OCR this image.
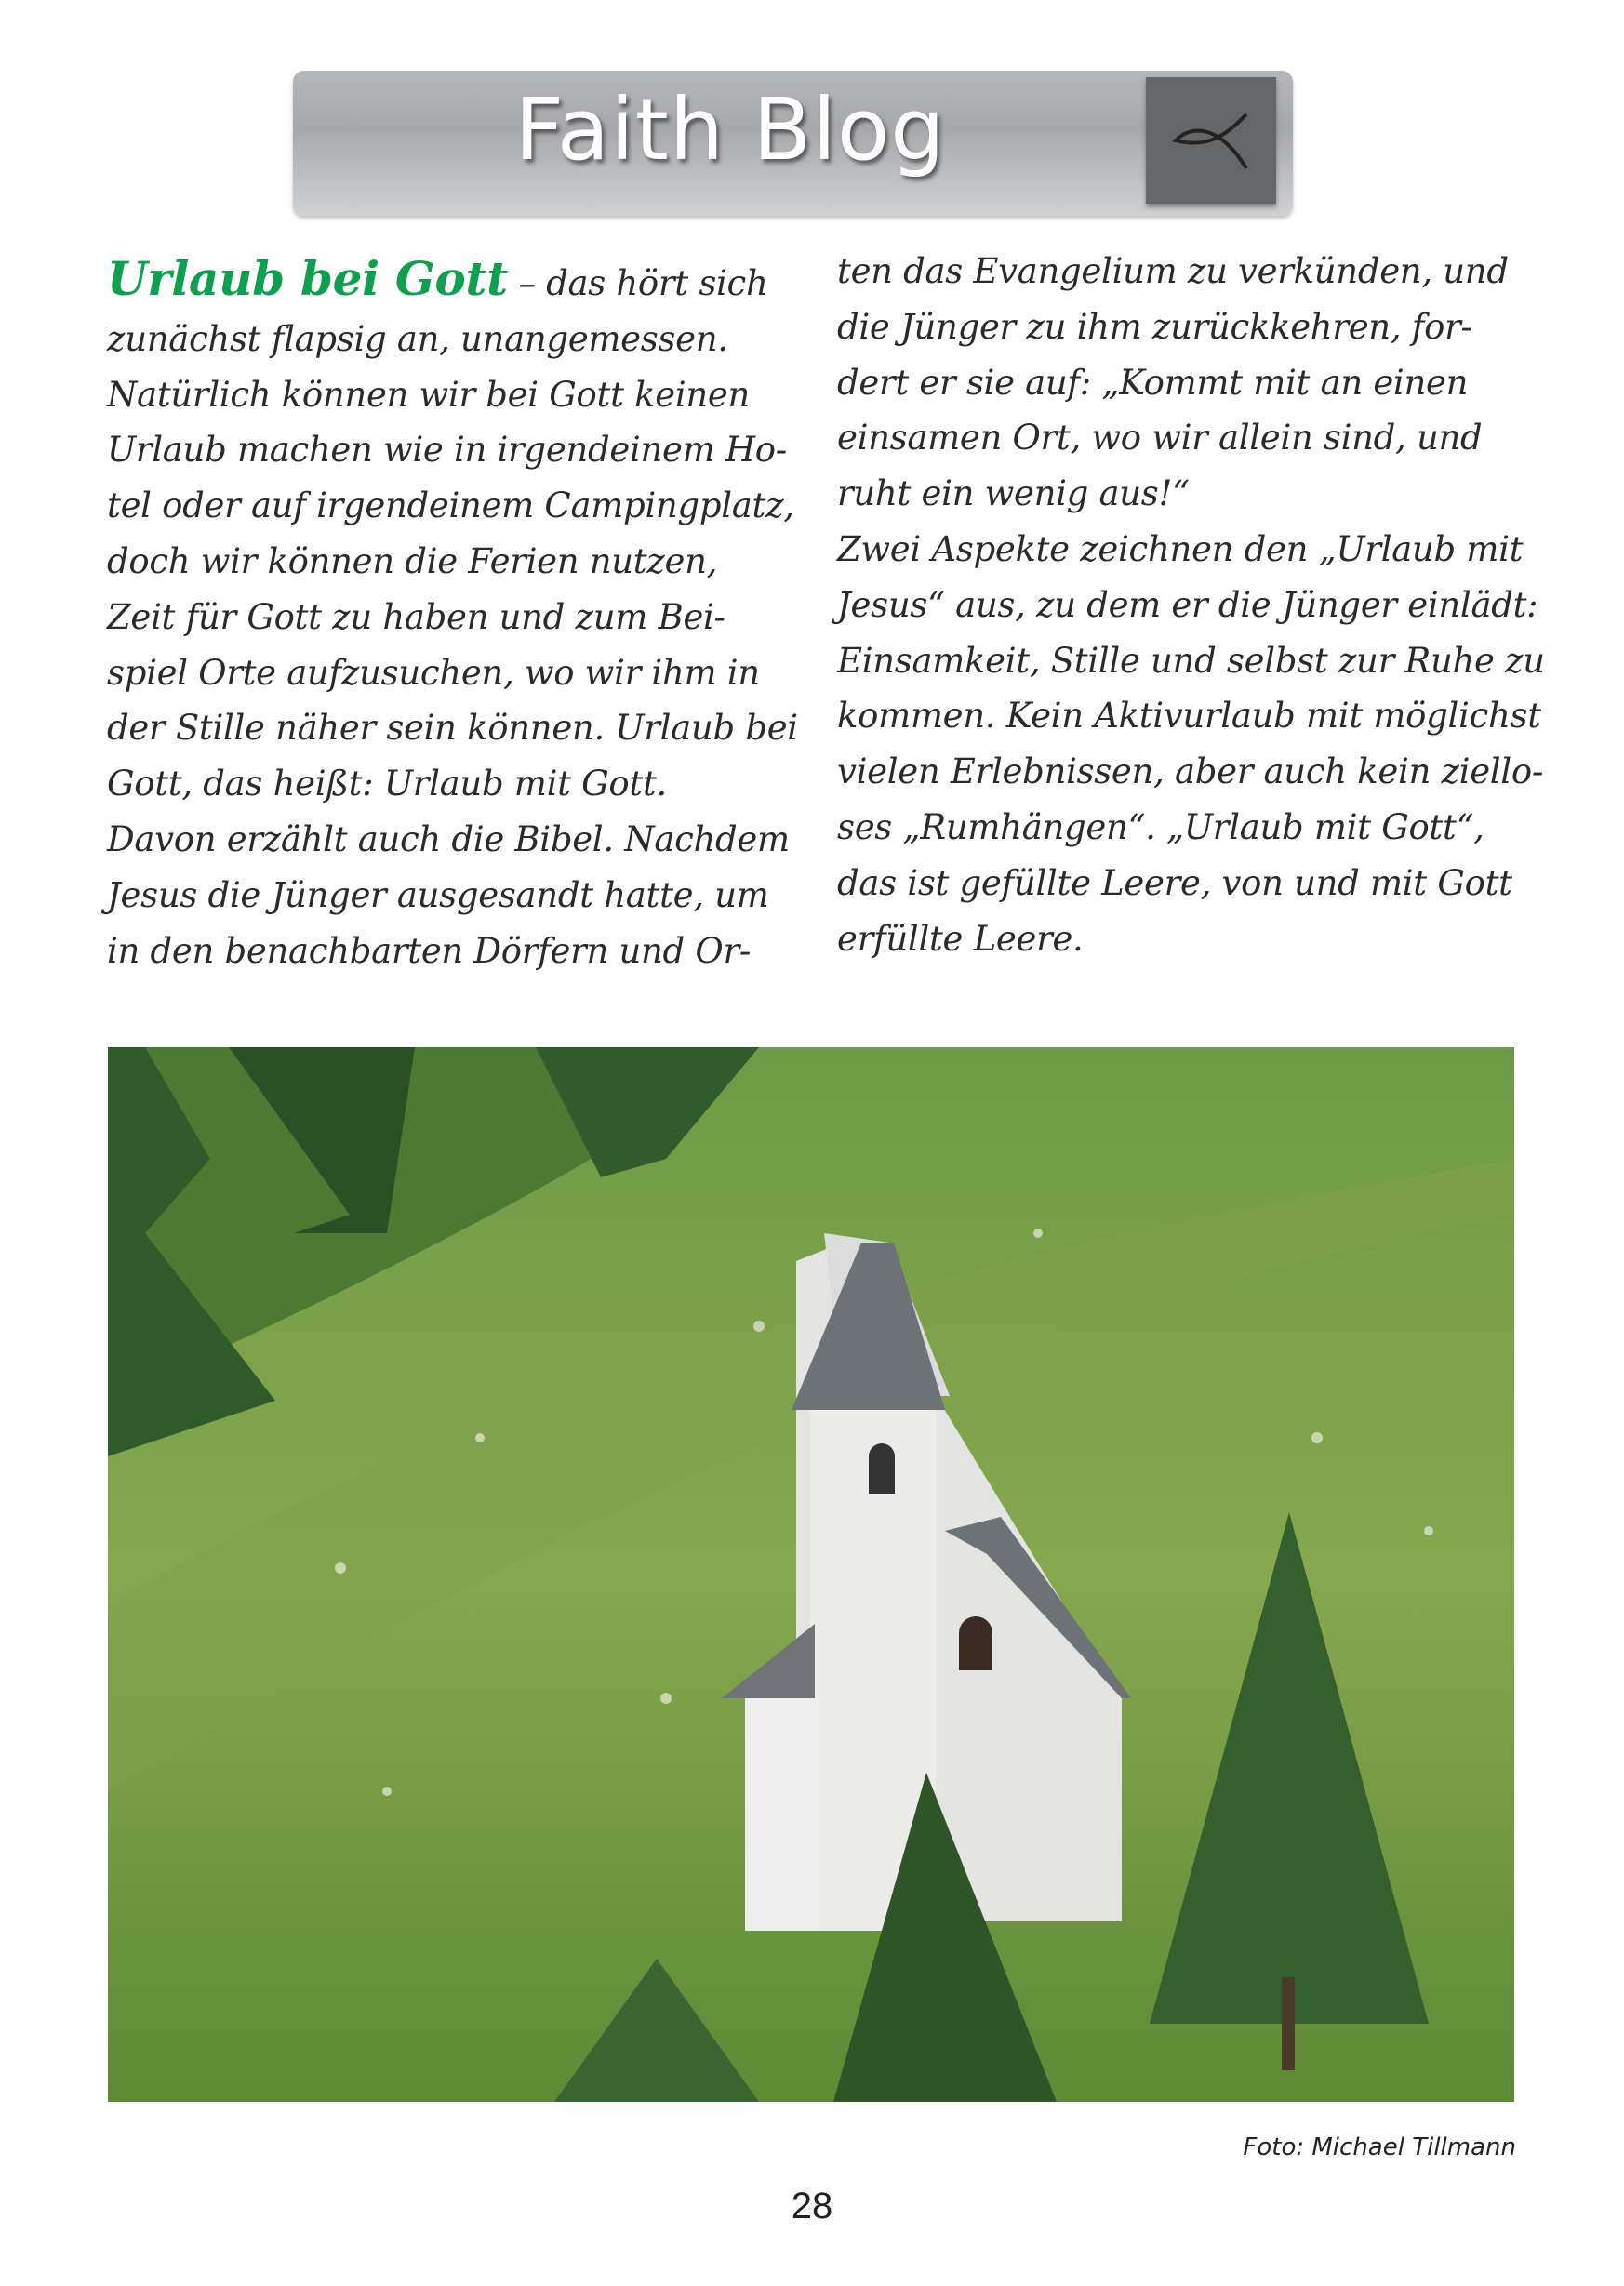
Faith Blog
Urlaub bei Gott – das hört sich
zunächst flapsig an, unangemessen.
Natürlich können wir bei Gott keinen
Urlaub machen wie in irgendeinem Ho-
tel oder auf irgendeinem Campingplatz,
doch wir können die Ferien nutzen,
Zeit für Gott zu haben und zum Bei-
spiel Orte aufzusuchen, wo wir ihm in
der Stille näher sein können. Urlaub bei
Gott, das heißt: Urlaub mit Gott.
Davon erzählt auch die Bibel. Nachdem
Jesus die Jünger ausgesandt hatte, um
in den benachbarten Dörfern und Or-
ten das Evangelium zu verkünden, und
die Jünger zu ihm zurückkehren, for-
dert er sie auf: „Kommt mit an einen
einsamen Ort, wo wir allein sind, und
ruht ein wenig aus!“
Zwei Aspekte zeichnen den „Urlaub mit
Jesus“ aus, zu dem er die Jünger einlädt:
Einsamkeit, Stille und selbst zur Ruhe zu
kommen. Kein Aktivurlaub mit möglichst
vielen Erlebnissen, aber auch kein ziello-
ses „Rumhängen“. „Urlaub mit Gott“,
das ist gefüllte Leere, von und mit Gott
erfüllte Leere.
Foto: Michael Tillmann
28
